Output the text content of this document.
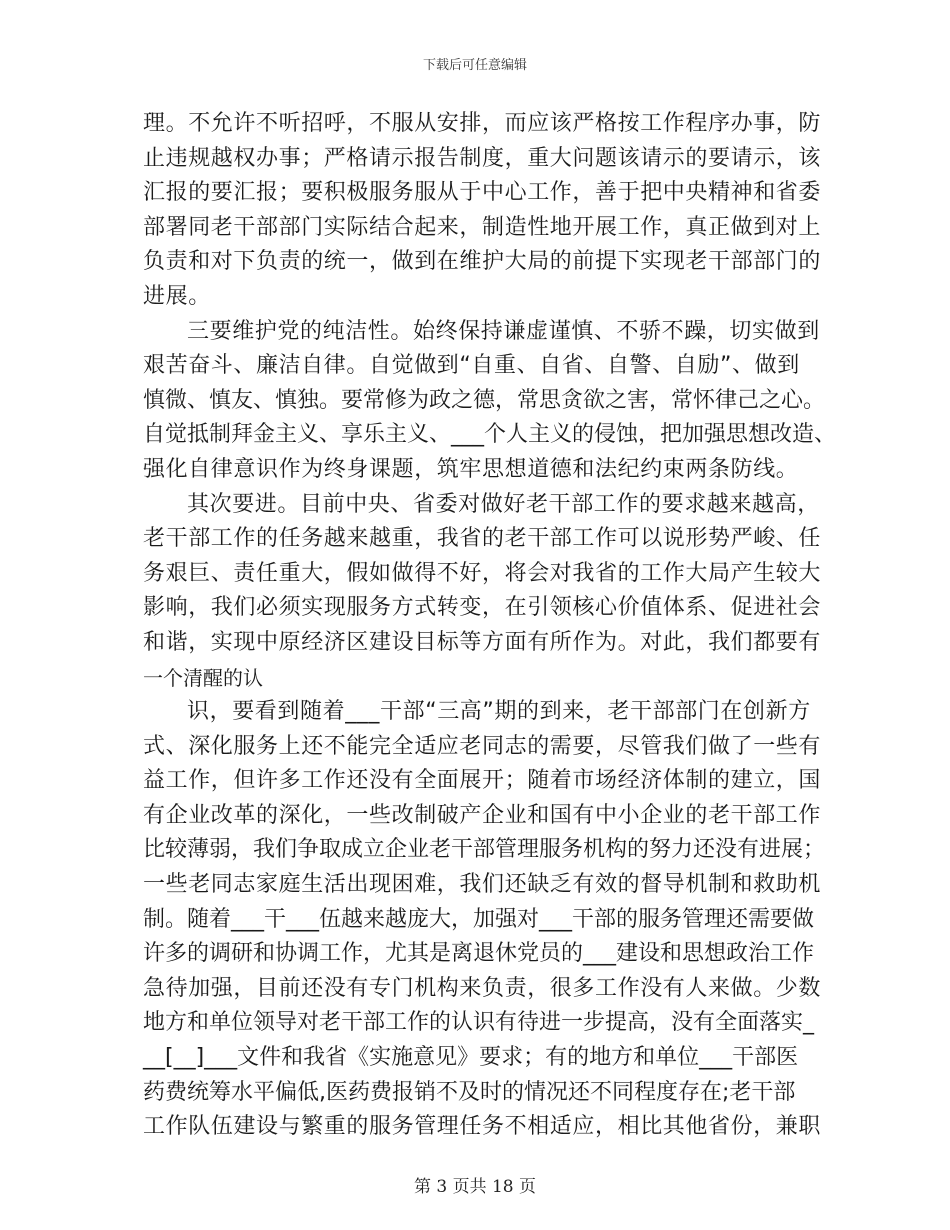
下载后可任意编辑
理。不允许不听招呼，不服从安排，而应该严格按工作程序办事，防
止违规越权办事；严格请示报告制度，重大问题该请示的要请示，该
汇报的要汇报；要积极服务服从于中心工作，善于把中央精神和省委
部署同老干部部门实际结合起来，制造性地开展工作，真正做到对上
负责和对下负责的统一，做到在维护大局的前提下实现老干部部门的
进展。
三要维护党的纯洁性。始终保持谦虚谨慎、不骄不躁，切实做到
艰苦奋斗、廉洁自律。自觉做到“自重、自省、自警、自励”、做到
慎微、慎友、慎独。要常修为政之德，常思贪欲之害，常怀律己之心。
自觉抵制拜金主义、享乐主义、___个人主义的侵蚀，把加强思想改造、
强化自律意识作为终身课题，筑牢思想道德和法纪约束两条防线。
其次要进。目前中央、省委对做好老干部工作的要求越来越高，
老干部工作的任务越来越重，我省的老干部工作可以说形势严峻、任
务艰巨、责任重大，假如做得不好，将会对我省的工作大局产生较大
影响，我们必须实现服务方式转变，在引领核心价值体系、促进社会
和谐，实现中原经济区建设目标等方面有所作为。对此，我们都要有
一个清醒的认
识，要看到随着___干部“三高”期的到来，老干部部门在创新方
式、深化服务上还不能完全适应老同志的需要，尽管我们做了一些有
益工作，但许多工作还没有全面展开；随着市场经济体制的建立，国
有企业改革的深化，一些改制破产企业和国有中小企业的老干部工作
比较薄弱，我们争取成立企业老干部管理服务机构的努力还没有进展；
一些老同志家庭生活出现困难，我们还缺乏有效的督导机制和救助机
制。随着___干___伍越来越庞大，加强对___干部的服务管理还需要做
许多的调研和协调工作，尤其是离退休党员的___建设和思想政治工作
急待加强，目前还没有专门机构来负责，很多工作没有人来做。少数
地方和单位领导对老干部工作的认识有待进一步提高，没有全面落实_
__[__]___文件和我省《实施意见》要求；有的地方和单位___干部医
药费统筹水平偏低,医药费报销不及时的情况还不同程度存在;老干部
工作队伍建设与繁重的服务管理任务不相适应，相比其他省份，兼职
第 3 页共 18 页
